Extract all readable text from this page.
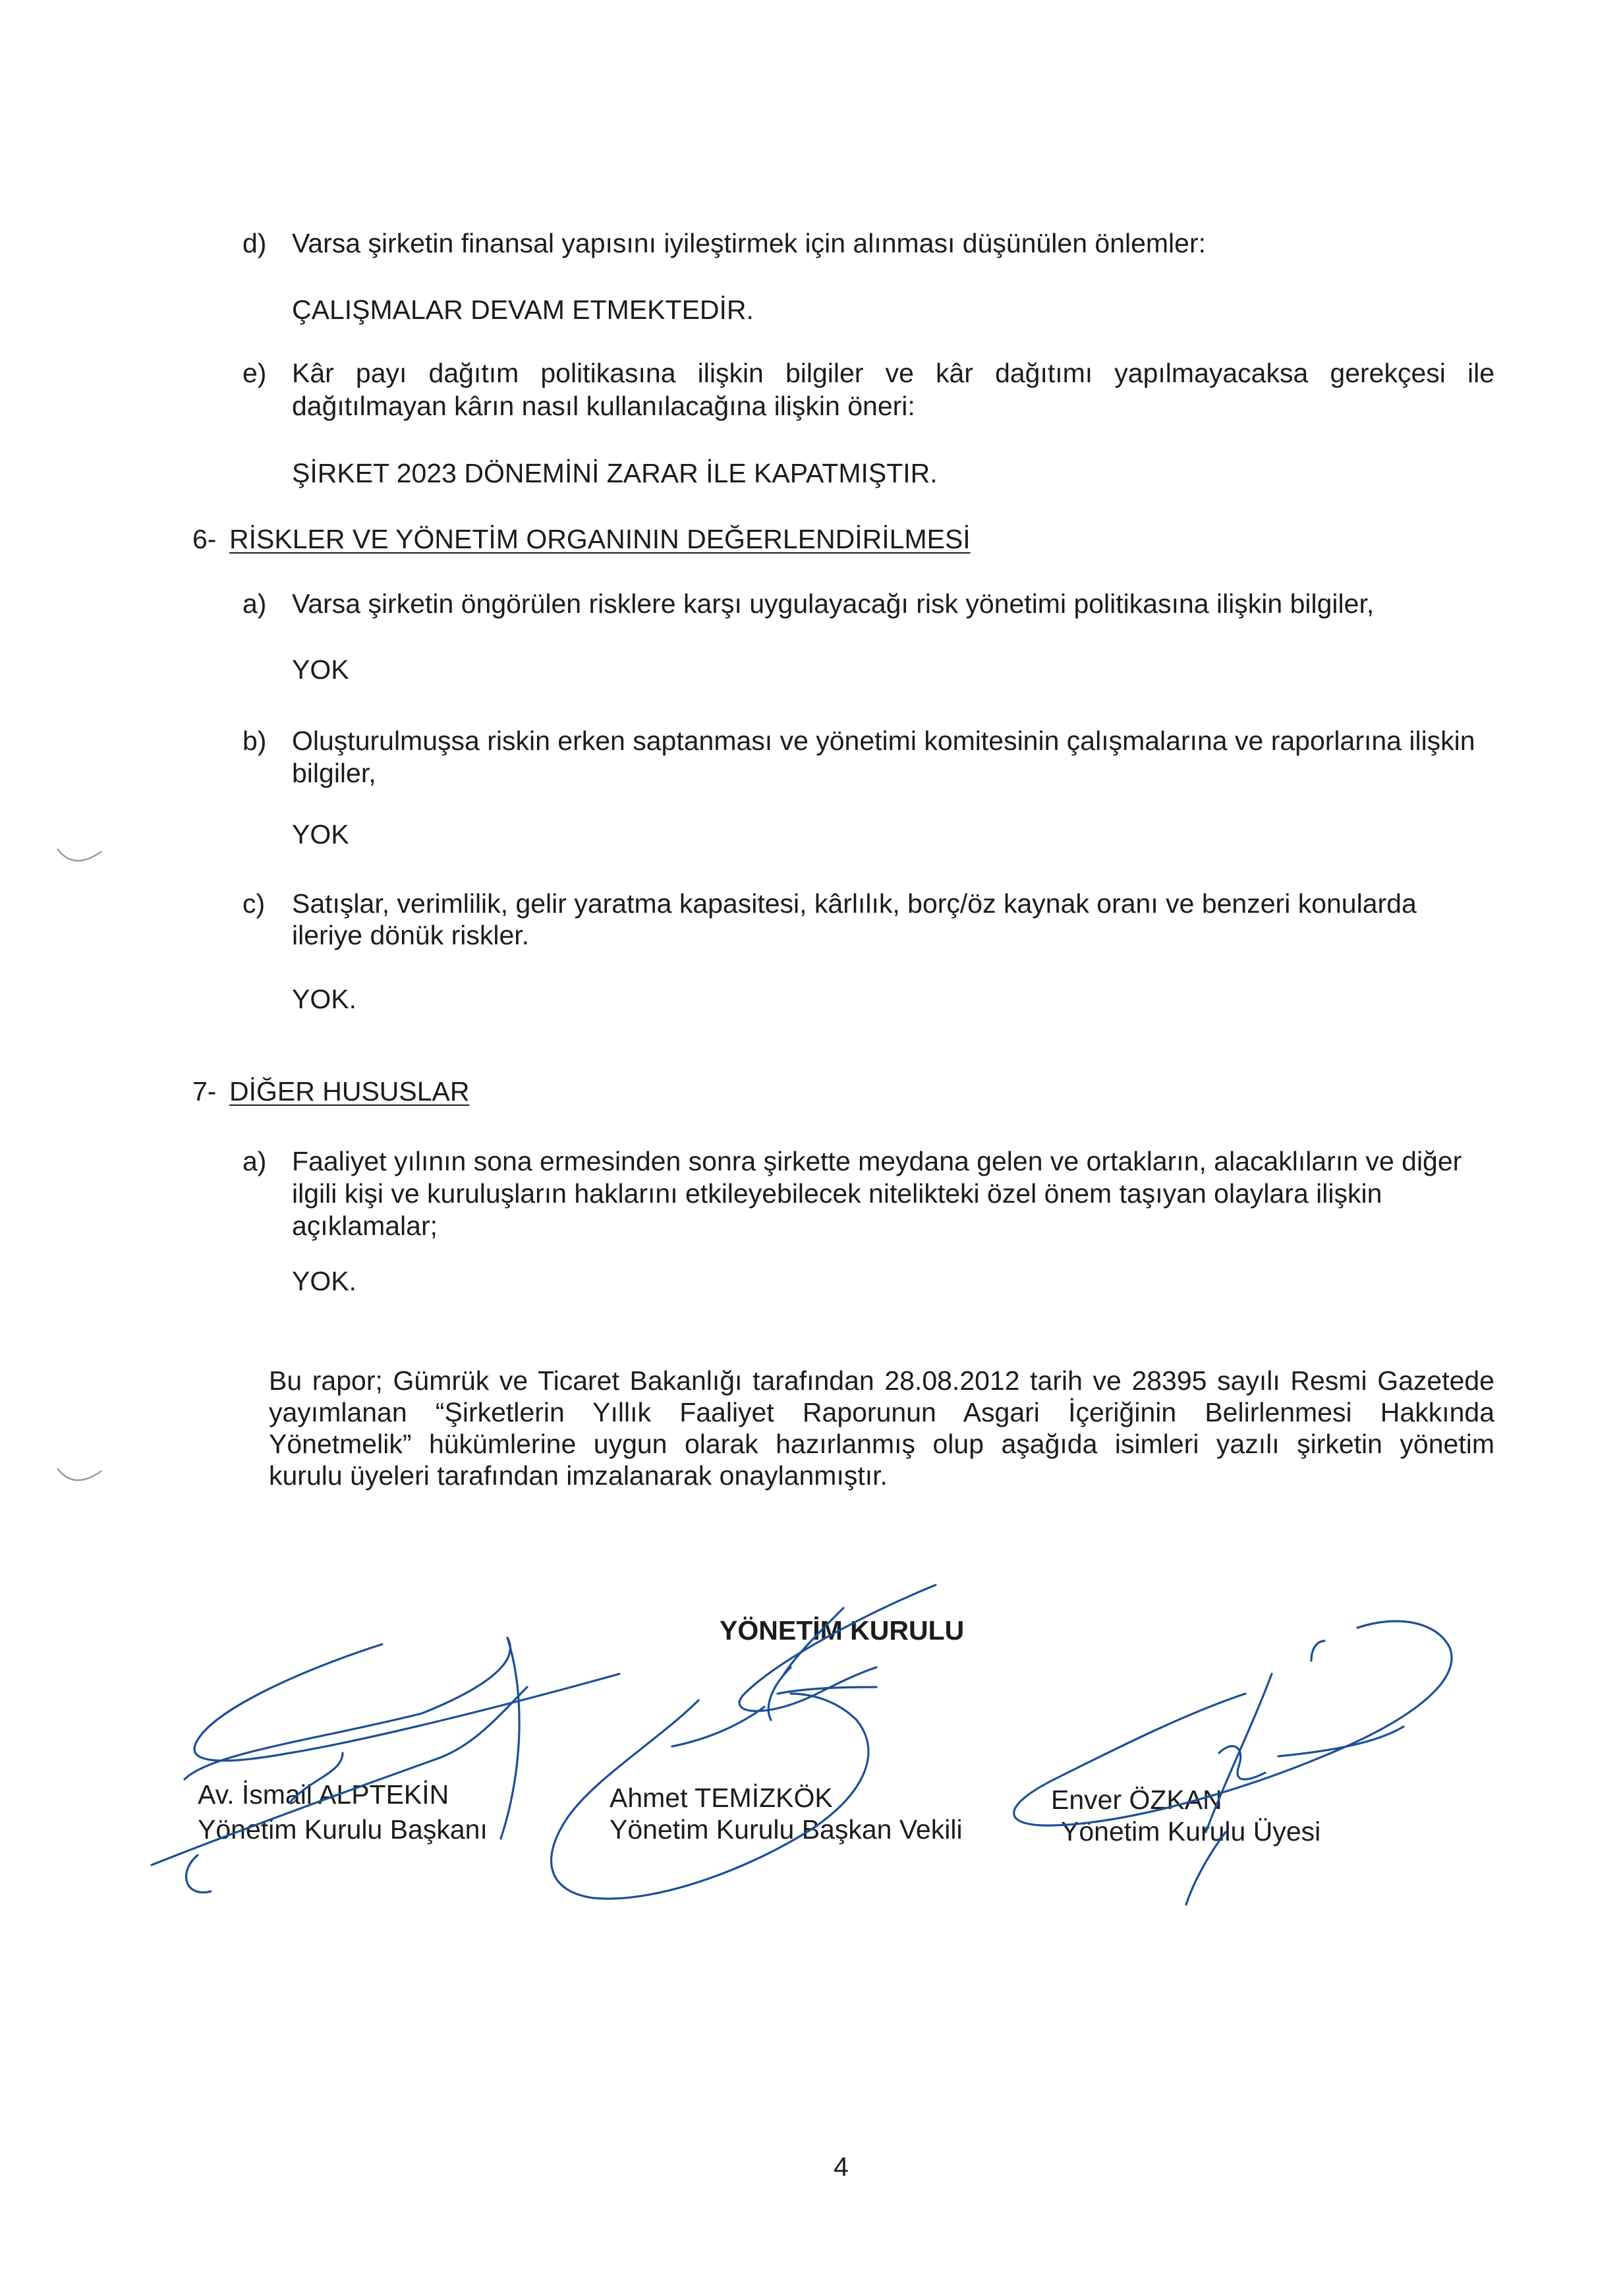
d) Varsa şirketin finansal yapısını iyileştirmek için alınması düşünülen önlemler:
ÇALIŞMALAR DEVAM ETMEKTEDİR.
e) Kâr payı dağıtım politikasına ilişkin bilgiler ve kâr dağıtımı yapılmayacaksa gerekçesi ile
dağıtılmayan kârın nasıl kullanılacağına ilişkin öneri:
ŞİRKET 2023 DÖNEMİNİ ZARAR İLE KAPATMIŞTIR.
6- RİSKLER VE YÖNETİM ORGANININ DEĞERLENDİRİLMESİ
a) Varsa şirketin öngörülen risklere karşı uygulayacağı risk yönetimi politikasına ilişkin bilgiler,
YOK
b) Oluşturulmuşsa riskin erken saptanması ve yönetimi komitesinin çalışmalarına ve raporlarına ilişkin
bilgiler,
YOK
c) Satışlar, verimlilik, gelir yaratma kapasitesi, kârlılık, borç/öz kaynak oranı ve benzeri konularda
ileriye dönük riskler.
YOK.
7- DİĞER HUSUSLAR
a) Faaliyet yılının sona ermesinden sonra şirkette meydana gelen ve ortakların, alacaklıların ve diğer
ilgili kişi ve kuruluşların haklarını etkileyebilecek nitelikteki özel önem taşıyan olaylara ilişkin
açıklamalar;
YOK.
Bu rapor; Gümrük ve Ticaret Bakanlığı tarafından 28.08.2012 tarih ve 28395 sayılı Resmi Gazetede
yayımlanan “Şirketlerin Yıllık Faaliyet Raporunun Asgari İçeriğinin Belirlenmesi Hakkında
Yönetmelik” hükümlerine uygun olarak hazırlanmış olup aşağıda isimleri yazılı şirketin yönetim
kurulu üyeleri tarafından imzalanarak onaylanmıştır.
YÖNETİM KURULU
Av. İsmail ALPTEKİN
Yönetim Kurulu Başkanı
Ahmet TEMİZKÖK
Yönetim Kurulu Başkan Vekili
Enver ÖZKAN
Yönetim Kurulu Üyesi
4
